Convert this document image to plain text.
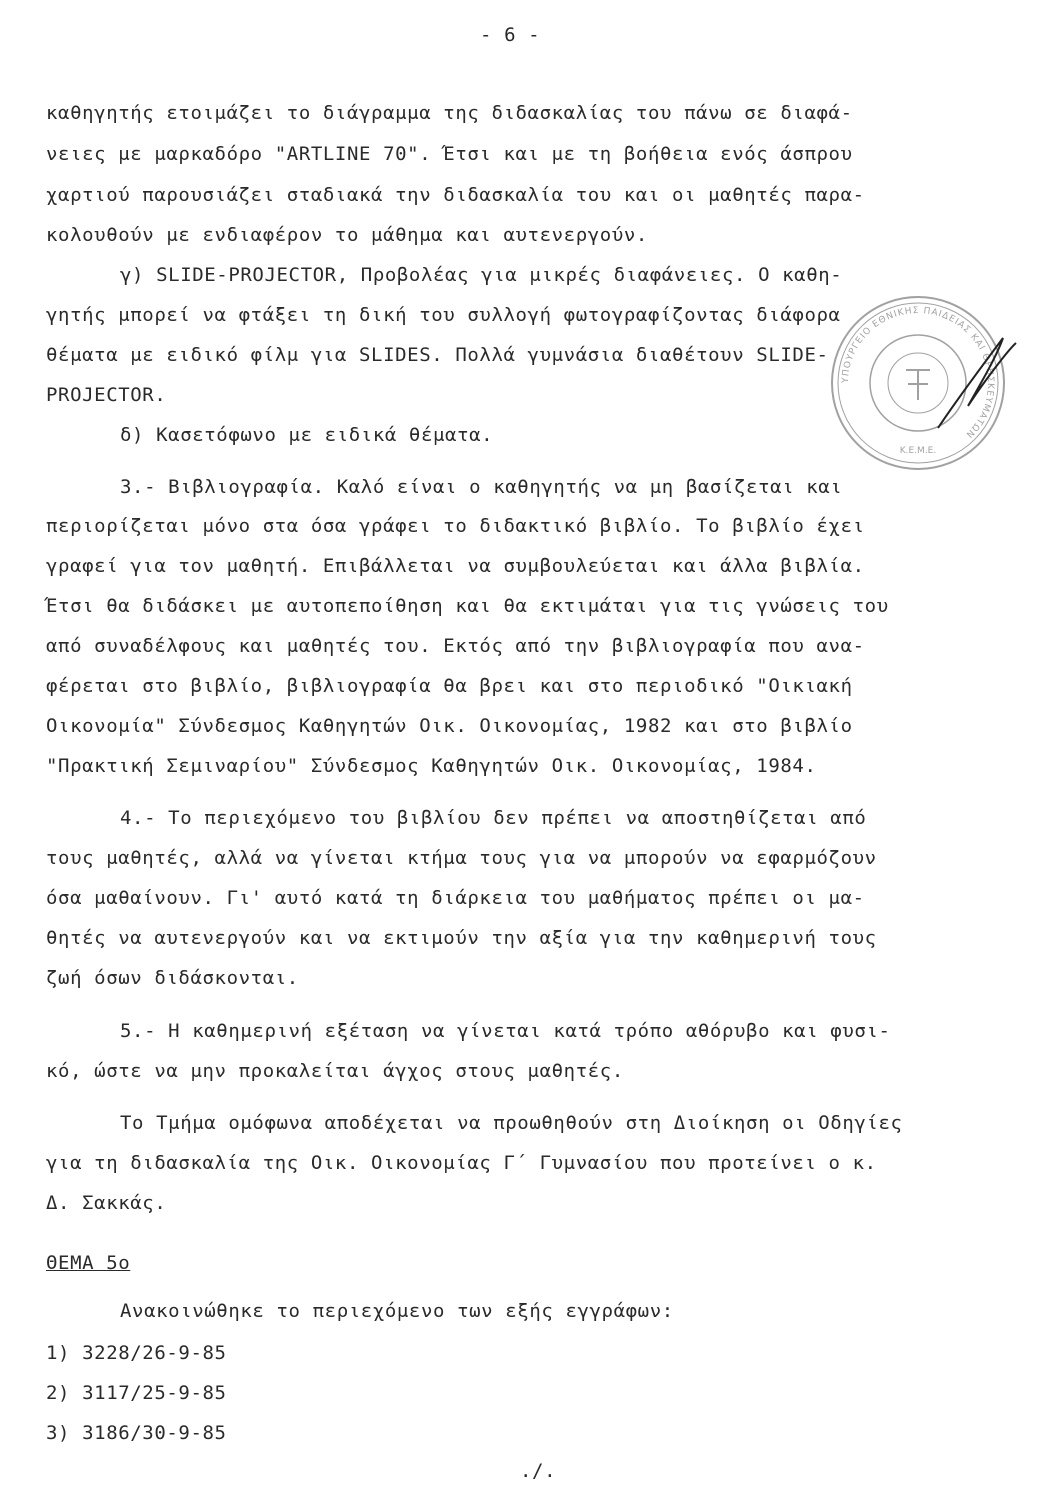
- 6 -
καθηγητής ετοιμάζει το διάγραμμα της διδασκαλίας του πάνω σε διαφά-
νειες με μαρκαδόρο "ARTLINE 70". Έτσι και με τη βοήθεια ενός άσπρου
χαρτιού παρουσιάζει σταδιακά την διδασκαλία του και οι μαθητές παρα-
κολουθούν με ενδιαφέρον το μάθημα και αυτενεργούν.
γ) SLIDE-PROJECTOR, Προβολέας για μικρές διαφάνειες. Ο καθη-
γητής μπορεί να φτάξει τη δική του συλλογή φωτογραφίζοντας διάφορα
θέματα με ειδικό φίλμ για SLIDES. Πολλά γυμνάσια διαθέτουν SLIDE-
PROJECTOR.
δ) Κασετόφωνο με ειδικά θέματα.
3.- Βιβλιογραφία. Καλό είναι ο καθηγητής να μη βασίζεται και
περιορίζεται μόνο στα όσα γράφει το διδακτικό βιβλίο. Το βιβλίο έχει
γραφεί για τον μαθητή. Επιβάλλεται να συμβουλεύεται και άλλα βιβλία.
Έτσι θα διδάσκει με αυτοπεποίθηση και θα εκτιμάται για τις γνώσεις του
από συναδέλφους και μαθητές του. Εκτός από την βιβλιογραφία που ανα-
φέρεται στο βιβλίο, βιβλιογραφία θα βρει και στο περιοδικό "Οικιακή
Οικονομία" Σύνδεσμος Καθηγητών Οικ. Οικονομίας, 1982 και στο βιβλίο
"Πρακτική Σεμιναρίου" Σύνδεσμος Καθηγητών Οικ. Οικονομίας, 1984.
4.- Το περιεχόμενο του βιβλίου δεν πρέπει να αποστηθίζεται από
τους μαθητές, αλλά να γίνεται κτήμα τους για να μπορούν να εφαρμόζουν
όσα μαθαίνουν. Γι' αυτό κατά τη διάρκεια του μαθήματος πρέπει οι μα-
θητές να αυτενεργούν και να εκτιμούν την αξία για την καθημερινή τους
ζωή όσων διδάσκονται.
5.- Η καθημερινή εξέταση να γίνεται κατά τρόπο αθόρυβο και φυσι-
κό, ώστε να μην προκαλείται άγχος στους μαθητές.
Το Τμήμα ομόφωνα αποδέχεται να προωθηθούν στη Διοίκηση οι Οδηγίες
για τη διδασκαλία της Οικ. Οικονομίας Γ΄ Γυμνασίου που προτείνει ο κ.
Δ. Σακκάς.
ΘΕΜΑ 5ο
Ανακοινώθηκε το περιεχόμενο των εξής εγγράφων:
1) 3228/26-9-85
2) 3117/25-9-85
3) 3186/30-9-85
./.
ΥΠΟΥΡΓΕΙΟ ΕΘΝΙΚΗΣ ΠΑΙΔΕΙΑΣ ΚΑΙ ΘΡΗΣΚΕΥΜΑΤΩΝ
Κ.Ε.Μ.Ε.
